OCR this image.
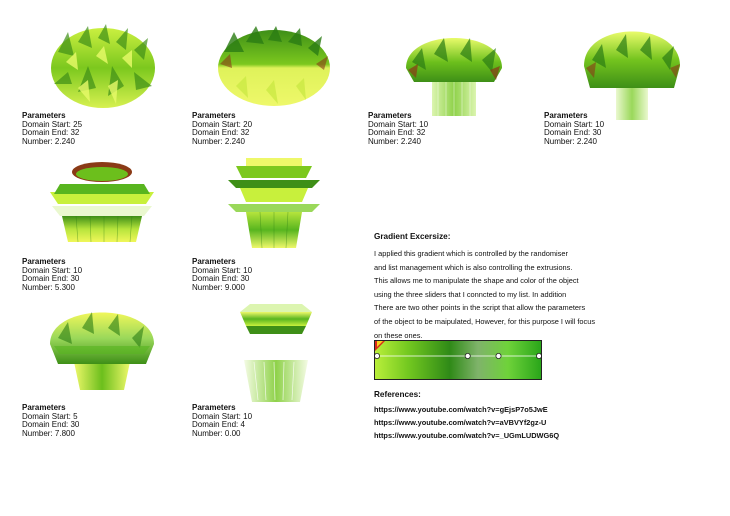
Parameters
Domain Start: 25
Domain End: 32
Number: 2.240
Parameters
Domain Start: 20
Domain End: 32
Number: 2.240
Parameters
Domain Start: 10
Domain End: 32
Number: 2.240
Parameters
Domain Start: 10
Domain End: 30
Number: 2.240
Parameters
Domain Start: 10
Domain End: 30
Number: 5.300
Parameters
Domain Start: 10
Domain End: 30
Number: 9.000
Parameters
Domain Start: 5
Domain End: 30
Number: 7.800
Parameters
Domain Start: 10
Domain End: 4
Number: 0.00
Gradient Excersize:
I applied this gradient which is controlled by the randomiser
and list management which is also controlling the extrusions.
This allows me to manipulate the shape and color of the object
using the three sliders that I conncted to my list. In addition
There are two other points in the script that allow the parameters
of the object to be maipulated, However, for this purpose I will focus
on these ones.
References:
https://www.youtube.com/watch?v=gEjsP7o5JwE
https://www.youtube.com/watch?v=aVBVYf2gz-U
https://www.youtube.com/watch?v=_UGmLUDWG6Q
